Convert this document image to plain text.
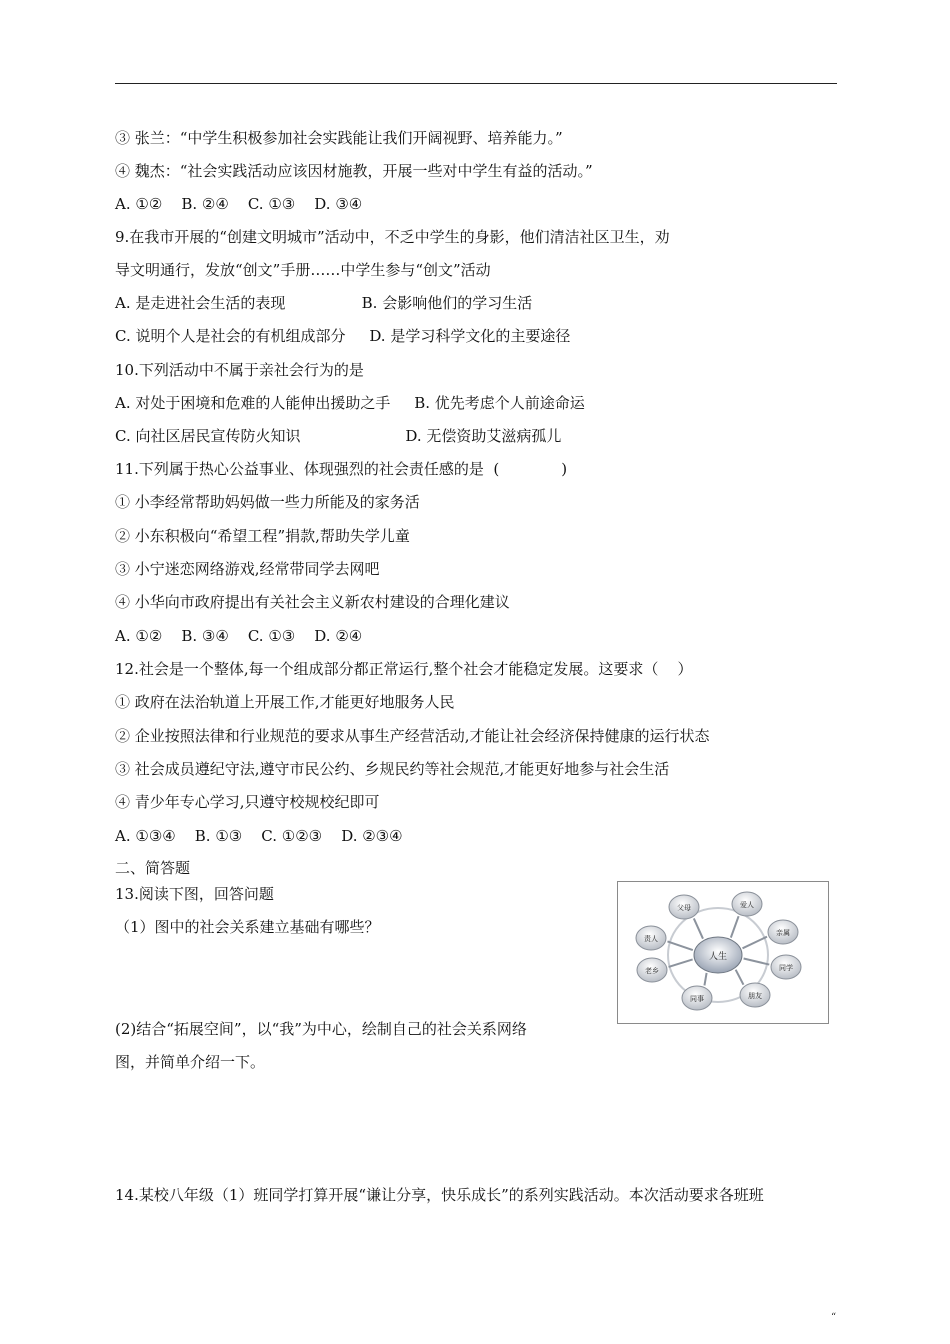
③ 张兰：“中学生积极参加社会实践能让我们开阔视野、培养能力。”
④ 魏杰：“社会实践活动应该因材施教，开展一些对中学生有益的活动。”
A. ①②    B. ②④    C. ①③    D. ③④
9.在我市开展的“创建文明城市”活动中，不乏中学生的身影，他们清洁社区卫生，劝
导文明通行，发放“创文”手册……中学生参与“创文”活动
A. 是走进社会生活的表现                B. 会影响他们的学习生活
C. 说明个人是社会的有机组成部分     D. 是学习科学文化的主要途径
10.下列活动中不属于亲社会行为的是
A. 对处于困境和危难的人能伸出援助之手     B. 优先考虑个人前途命运
C. 向社区居民宣传防火知识                      D. 无偿资助艾滋病孤儿
11.下列属于热心公益事业、体现强烈的社会责任感的是  (             )
① 小李经常帮助妈妈做一些力所能及的家务活
② 小东积极向“希望工程”捐款,帮助失学儿童
③ 小宁迷恋网络游戏,经常带同学去网吧
④ 小华向市政府提出有关社会主义新农村建设的合理化建议
A. ①②    B. ③④    C. ①③    D. ②④
12.社会是一个整体,每一个组成部分都正常运行,整个社会才能稳定发展。这要求（    ）
① 政府在法治轨道上开展工作,才能更好地服务人民
② 企业按照法律和行业规范的要求从事生产经营活动,才能让社会经济保持健康的运行状态
③ 社会成员遵纪守法,遵守市民公约、乡规民约等社会规范,才能更好地参与社会生活
④ 青少年专心学习,只遵守校规校纪即可
A. ①③④    B. ①③    C. ①②③    D. ②③④
二、简答题
13.阅读下图，回答问题
（1）图中的社会关系建立基础有哪些？
(2)结合“拓展空间”，以“我”为中心，绘制自己的社会关系网络
图，并简单介绍一下。
14.某校八年级（1）班同学打算开展“谦让分享，快乐成长”的系列实践活动。本次活动要求各班班
人生
父母	爱人
亲属
同学
朋友
同事
老乡
责人
“
